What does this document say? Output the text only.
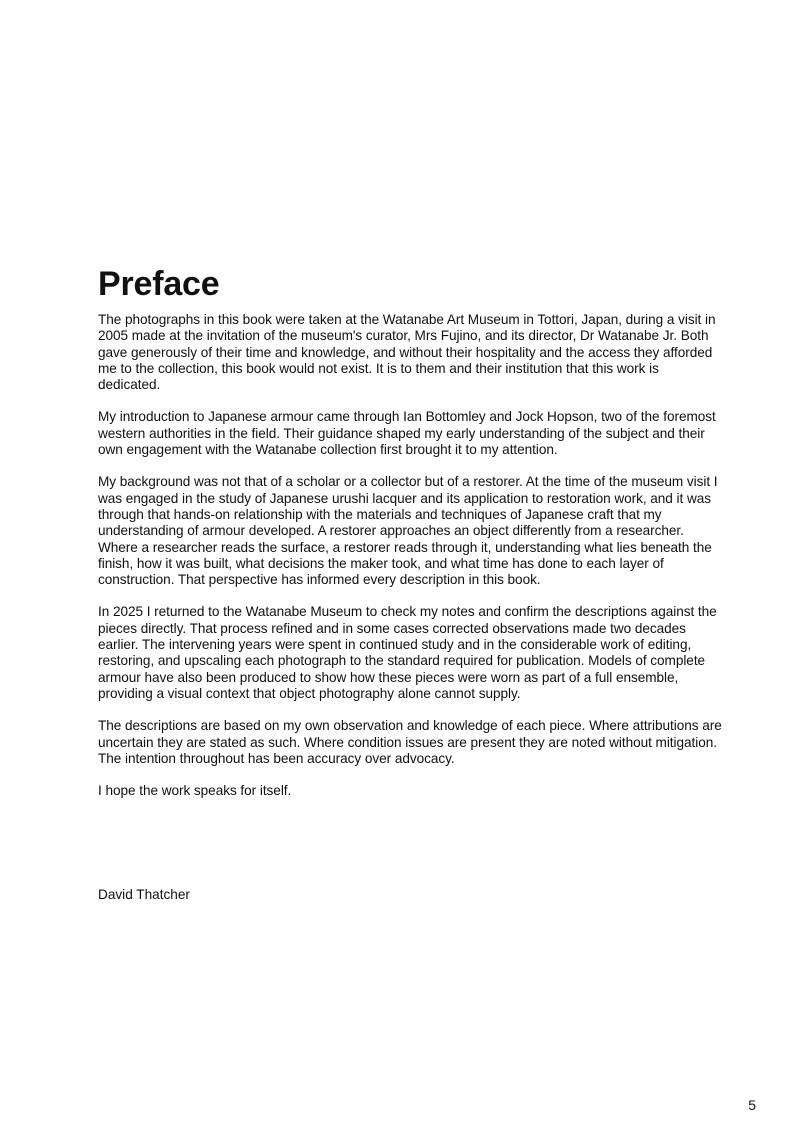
Preface

The photographs in this book were taken at the Watanabe Art Museum in Tottori, Japan, during a visit in 2005 made at the invitation of the museum's curator, Mrs Fujino, and its director, Dr Watanabe Jr. Both gave generously of their time and knowledge, and without their hospitality and the access they afforded me to the collection, this book would not exist. It is to them and their institution that this work is dedicated.

My introduction to Japanese armour came through Ian Bottomley and Jock Hopson, two of the foremost western authorities in the field. Their guidance shaped my early understanding of the subject and their own engagement with the Watanabe collection first brought it to my attention.

My background was not that of a scholar or a collector but of a restorer. At the time of the museum visit I was engaged in the study of Japanese urushi lacquer and its application to restoration work, and it was through that hands-on relationship with the materials and techniques of Japanese craft that my understanding of armour developed. A restorer approaches an object differently from a researcher. Where a researcher reads the surface, a restorer reads through it, understanding what lies beneath the finish, how it was built, what decisions the maker took, and what time has done to each layer of construction. That perspective has informed every description in this book.

In 2025 I returned to the Watanabe Museum to check my notes and confirm the descriptions against the pieces directly. That process refined and in some cases corrected observations made two decades earlier. The intervening years were spent in continued study and in the considerable work of editing, restoring, and upscaling each photograph to the standard required for publication. Models of complete armour have also been produced to show how these pieces were worn as part of a full ensemble, providing a visual context that object photography alone cannot supply.

The descriptions are based on my own observation and knowledge of each piece. Where attributions are uncertain they are stated as such. Where condition issues are present they are noted without mitigation. The intention throughout has been accuracy over advocacy.

I hope the work speaks for itself.

David Thatcher

5
